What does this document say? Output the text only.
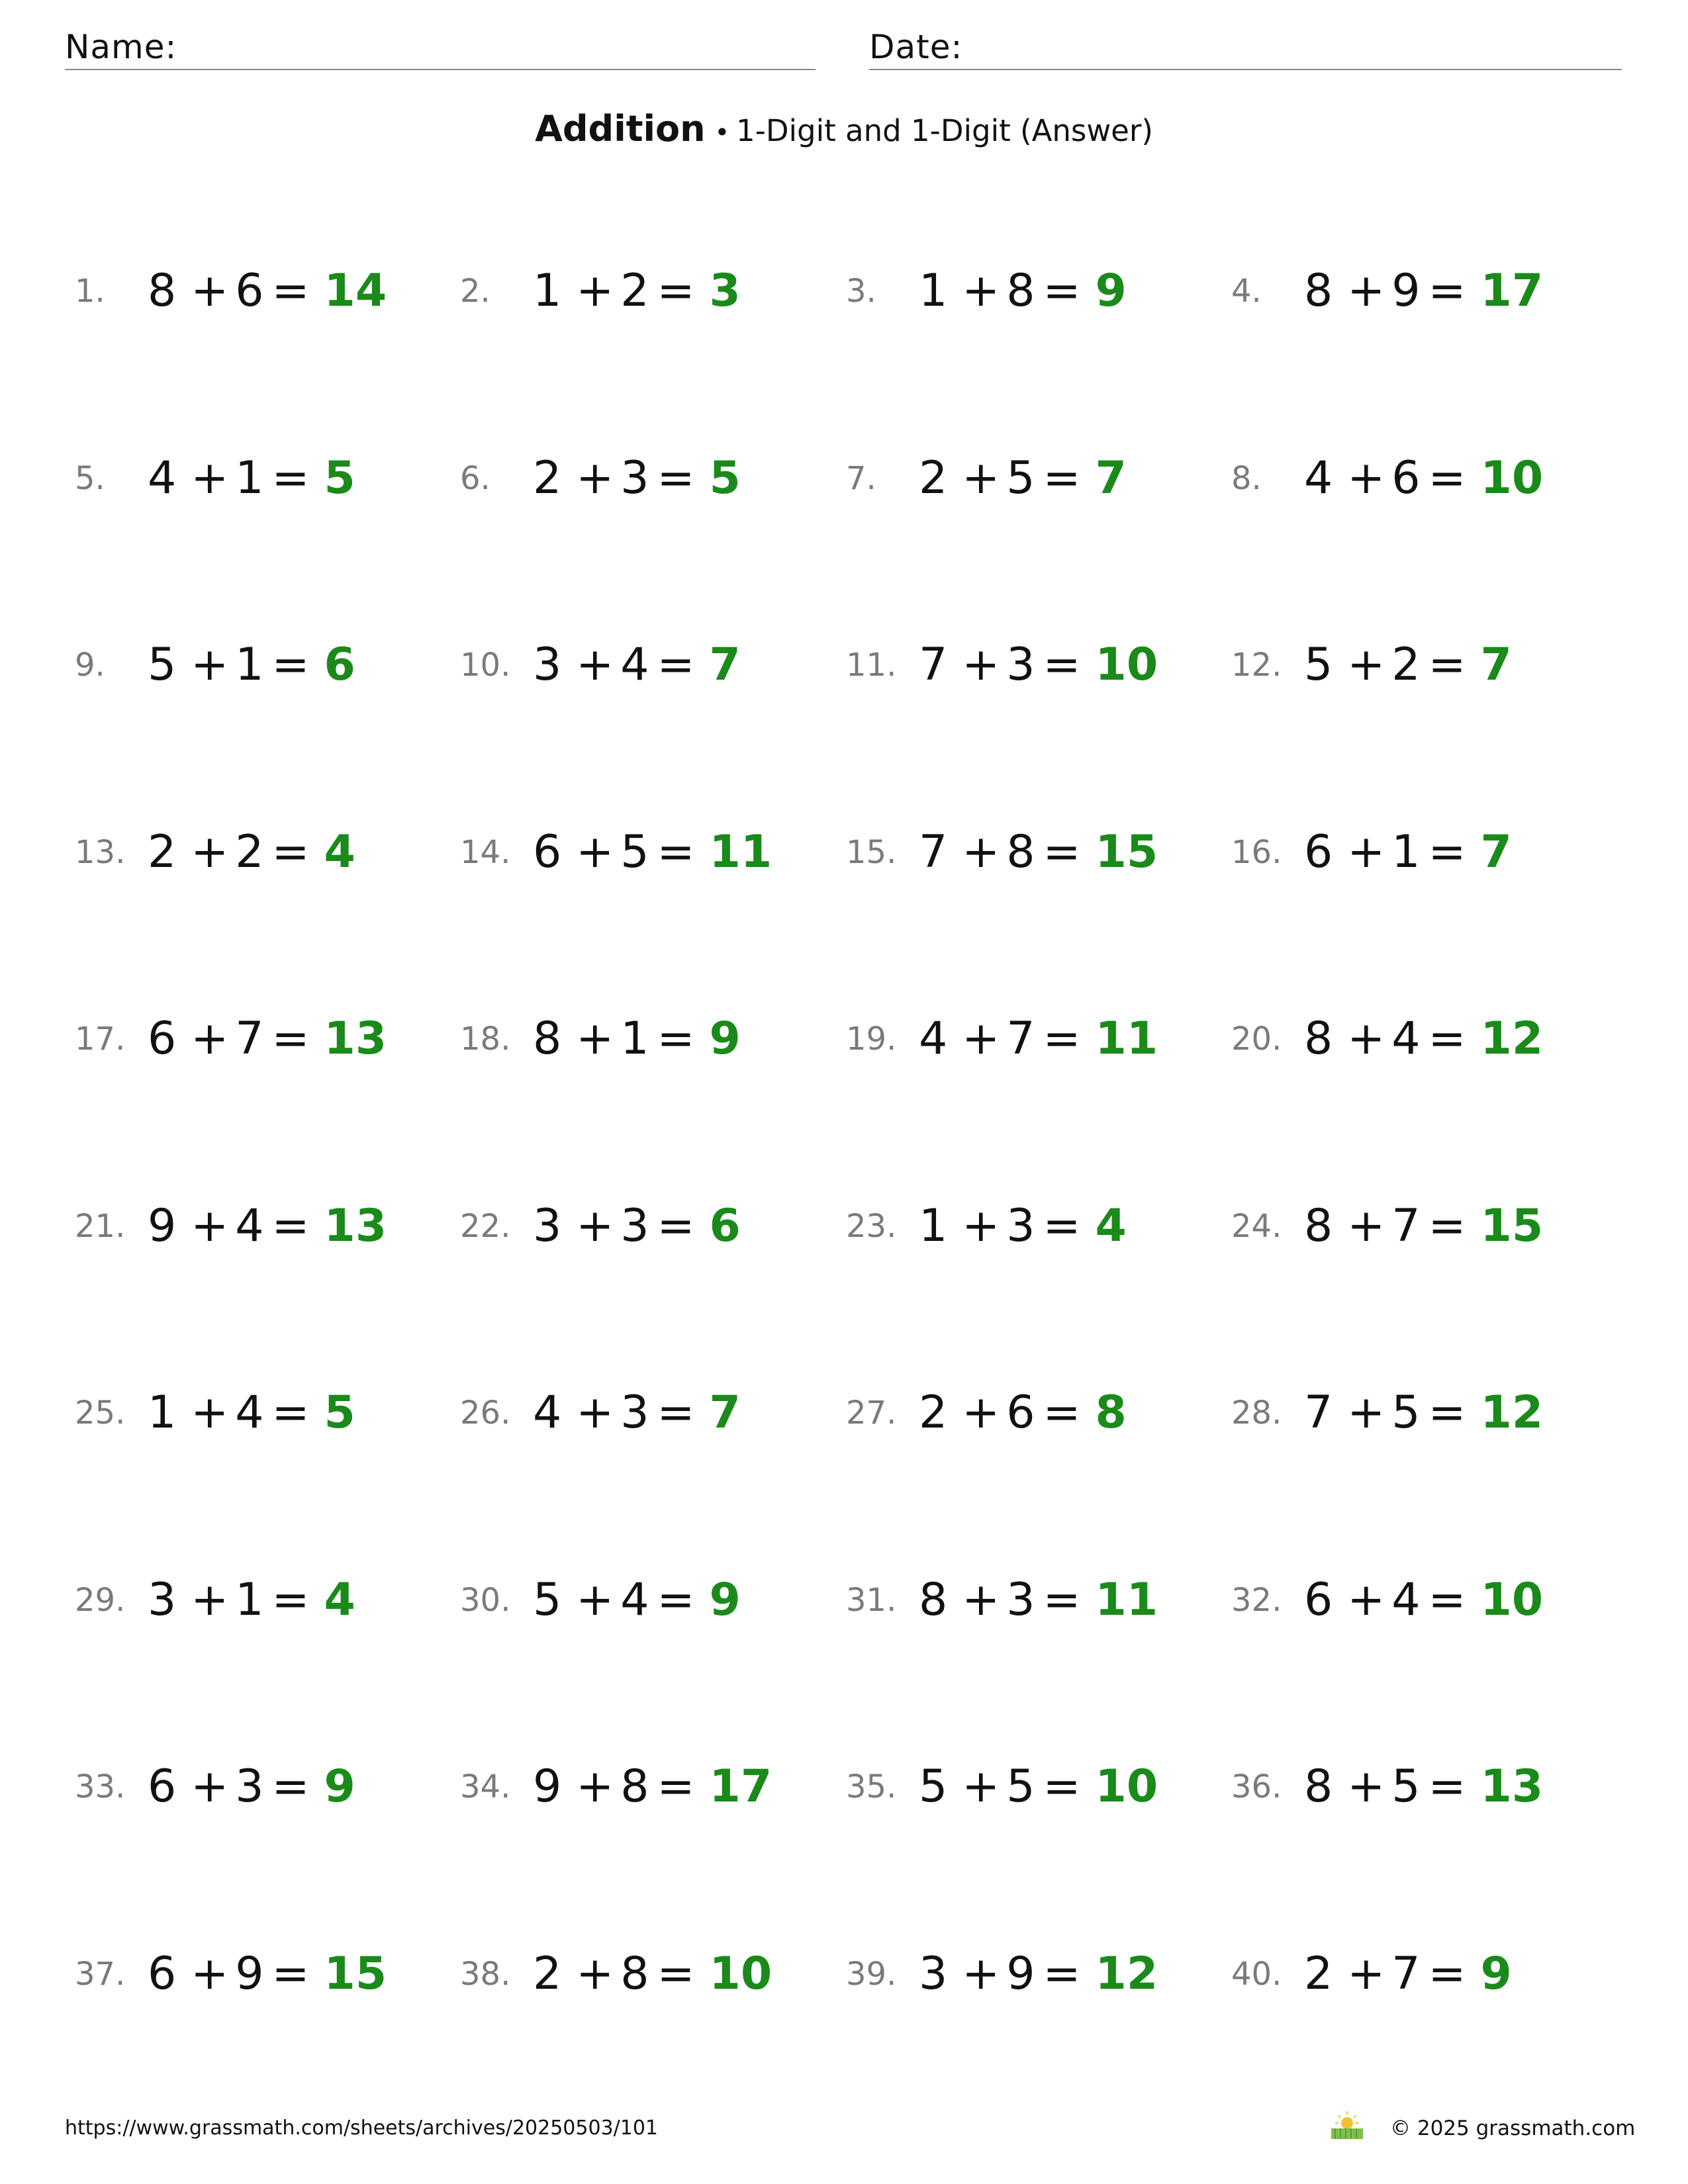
Name:	Date:
Addition • 1-Digit and 1-Digit (Answer)
1. 8 + 6 = 14 2. 1 + 2 = 3	3. 1 + 8 = 9	4. 8 + 9 = 17
5. 4 + 1 = 5	6. 2 + 3 = 5	7. 2 + 5 = 7	8. 4 + 6 = 10
9. 5 + 1 = 6	10. 3 + 4 = 7	11. 7 + 3 = 10 12. 5 + 2 = 7
13. 2 + 2 = 4	14. 6 + 5 = 11 15. 7 + 8 = 15 16. 6 + 1 = 7
17. 6 + 7 = 13 18. 8 + 1 = 9	19. 4 + 7 = 11 20. 8 + 4 = 12
21. 9 + 4 = 13 22. 3 + 3 = 6	23. 1 + 3 = 4	24. 8 + 7 = 15
25. 1 + 4 = 5	26. 4 + 3 = 7	27. 2 + 6 = 8	28. 7 + 5 = 12
29. 3 + 1 = 4	30. 5 + 4 = 9	31. 8 + 3 = 11 32. 6 + 4 = 10
33. 6 + 3 = 9	34. 9 + 8 = 17 35. 5 + 5 = 10 36. 8 + 5 = 13
37. 6 + 9 = 15 38. 2 + 8 = 10 39. 3 + 9 = 12 40. 2 + 7 = 9
https://www.grassmath.com/sheets/archives/20250503/101	© 2025 grassmath.com
